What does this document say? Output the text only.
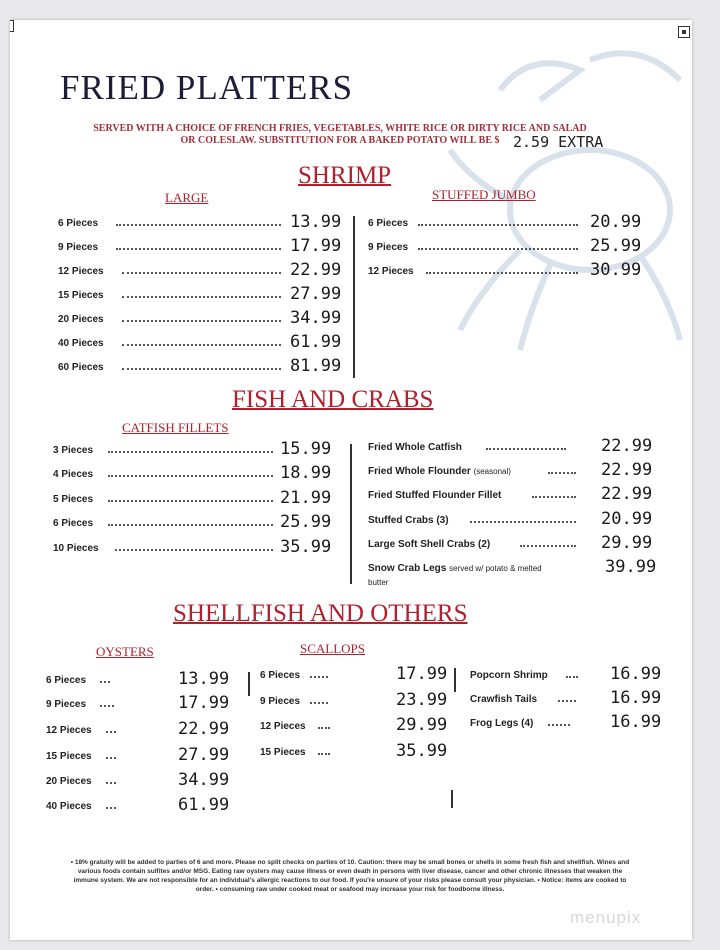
FRIED PLATTERS
SERVED WITH A CHOICE OF FRENCH FRIES, VEGETABLES, WHITE RICE OR DIRTY RICE AND SALAD
OR COLESLAW. SUBSTITUTION FOR A BAKED POTATO WILL BE $ 2.59 EXTRA
SHRIMP
LARGE	STUFFED JUMBO
6 Pieces	13.99
9 Pieces	17.99
12 Pieces	22.99
15 Pieces	27.99
20 Pieces	34.99
40 Pieces	61.99
60 Pieces	81.99
6 Pieces	20.99
9 Pieces	25.99
12 Pieces	30.99
FISH AND CRABS
CATFISH FILLETS
3 Pieces	15.99
4 Pieces	18.99
5 Pieces	21.99
6 Pieces	25.99
10 Pieces	35.99
Fried Whole Catfish	22.99
Fried Whole Flounder (seasonal)	22.99
Fried Stuffed Flounder Fillet	22.99
Stuffed Crabs (3)	20.99
Large Soft Shell Crabs (2)	29.99
Snow Crab Legs served w/ potato & melted	39.99
butter
SHELLFISH AND OTHERS
OYSTERS	SCALLOPS
6 Pieces	13.99
9 Pieces	17.99
12 Pieces	22.99
15 Pieces	27.99
20 Pieces	34.99
40 Pieces	61.99
6 Pieces	17.99
9 Pieces	23.99
12 Pieces	29.99
15 Pieces	35.99
Popcorn Shrimp	16.99
Crawfish Tails	16.99
Frog Legs (4)	16.99
• 18% gratuity will be added to parties of 6 and more. Please no split checks on parties of 10. Caution: there may be small bones or shells in some fresh fish and shellfish. Wines and various foods contain sulfites and/or MSG. Eating raw oysters may cause illness or even death in persons with liver disease, cancer and other chronic illnesses that weaken the immune system. We are not responsible for an individual's allergic reactions to our food. If you're unsure of your risks please consult your physician. • Notice: items are cooked to order. • consuming raw under cooked meat or seafood may increase your risk for foodborne illness.
menupix
